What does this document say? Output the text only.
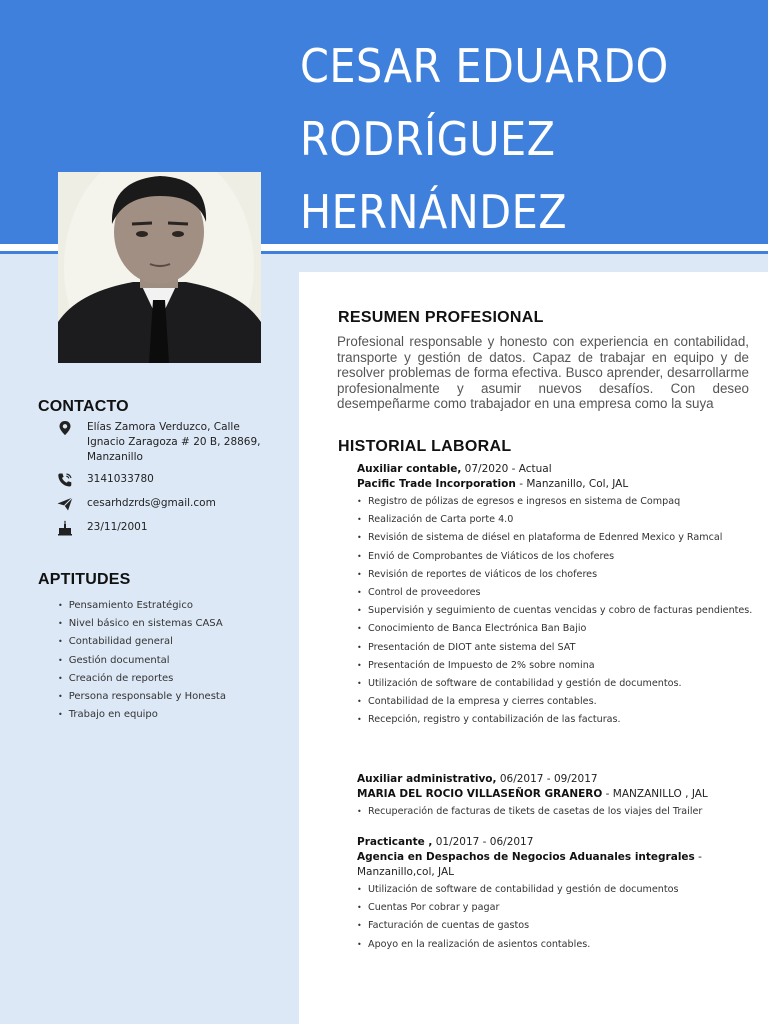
CESAR EDUARDO
RODRÍGUEZ
HERNÁNDEZ
CONTACTO
Elías Zamora Verduzco, Calle Ignacio Zaragoza # 20 B, 28869, Manzanillo
3141033780
cesarhdzrds@gmail.com
23/11/2001
APTITUDES
• Pensamiento Estratégico
• Nivel básico en sistemas CASA
• Contabilidad general
• Gestión documental
• Creación de reportes
• Persona responsable y Honesta
• Trabajo en equipo
RESUMEN PROFESIONAL

Profesional responsable y honesto con experiencia en contabilidad, transporte y gestión de datos. Capaz de trabajar en equipo y de resolver problemas de forma efectiva. Busco aprender, desarrollarme profesionalmente y asumir nuevos desafíos. Con deseo desempeñarme como trabajador en una empresa como la suya

HISTORIAL LABORAL
Auxiliar contable, 07/2020 - Actual
Pacific Trade Incorporation - Manzanillo, Col, JAL
• Registro de pólizas de egresos e ingresos en sistema de Compaq
• Realización de Carta porte 4.0
• Revisión de sistema de diésel en plataforma de Edenred Mexico y Ramcal
• Envió de Comprobantes de Viáticos de los choferes
• Revisión de reportes de viáticos de los choferes
• Control de proveedores
• Supervisión y seguimiento de cuentas vencidas y cobro de facturas pendientes.
• Conocimiento de Banca Electrónica Ban Bajio
• Presentación de DIOT ante sistema del SAT
• Presentación de Impuesto de 2% sobre nomina
• Utilización de software de contabilidad y gestión de documentos.
• Contabilidad de la empresa y cierres contables.
• Recepción, registro y contabilización de las facturas.
Auxiliar administrativo, 06/2017 - 09/2017
MARIA DEL ROCIO VILLASEÑOR GRANERO - MANZANILLO , JAL
• Recuperación de facturas de tikets de casetas de los viajes del Trailer
Practicante , 01/2017 - 06/2017
Agencia en Despachos de Negocios Aduanales integrales - Manzanillo,col, JAL
• Utilización de software de contabilidad y gestión de documentos
• Cuentas Por cobrar y pagar
• Facturación de cuentas de gastos
• Apoyo en la realización de asientos contables.
